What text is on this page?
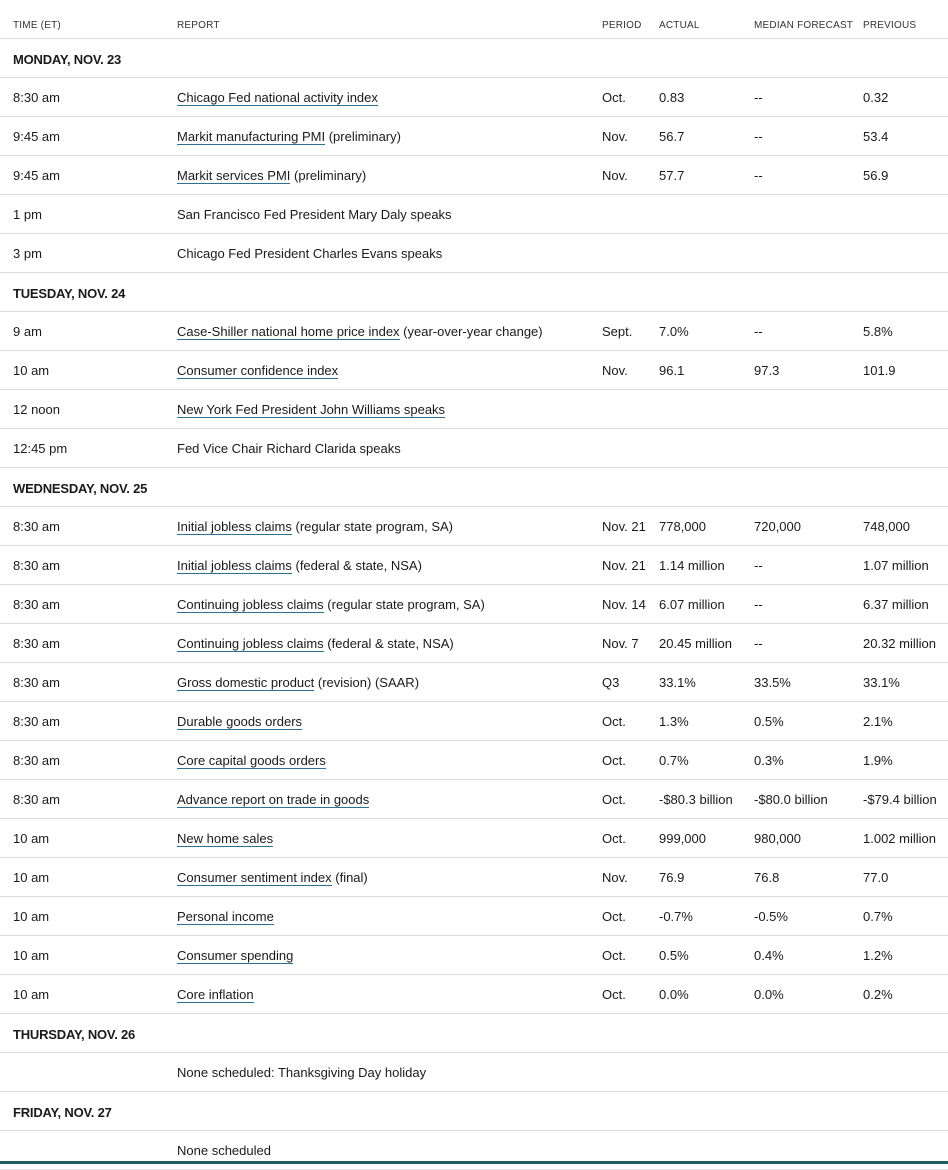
TIME (ET)	REPORT	PERIOD ACTUAL	MEDIAN FORECAST PREVIOUS
MONDAY, NOV. 23
8:30 am	Chicago Fed national activity index	Oct.	0.83	--	0.32
9:45 am	Markit manufacturing PMI (preliminary)	Nov. 56.7	--	53.4
9:45 am	Markit services PMI (preliminary)	Nov. 57.7	--	56.9
1 pm	San Francisco Fed President Mary Daly speaks
3 pm	Chicago Fed President Charles Evans speaks
TUESDAY, NOV. 24
9 am	Case-Shiller national home price index (year-over-year change)	Sept. 7.0%	--	5.8%
10 am	Consumer confidence index	Nov. 96.1	97.3	101.9
12 noon	New York Fed President John Williams speaks
12:45 pm	Fed Vice Chair Richard Clarida speaks
WEDNESDAY, NOV. 25
8:30 am	Initial jobless claims (regular state program, SA)	Nov. 21 778,000	720,000	748,000
8:30 am	Initial jobless claims (federal & state, NSA)	Nov. 21 1.14 million --	1.07 million
8:30 am	Continuing jobless claims (regular state program, SA)	Nov. 14 6.07 million --	6.37 million
8:30 am	Continuing jobless claims (federal & state, NSA)	Nov. 7 20.45 million --	20.32 million
8:30 am	Gross domestic product (revision) (SAAR)	Q3	33.1%	33.5%	33.1%
8:30 am	Durable goods orders	Oct.	1.3%	0.5%	2.1%
8:30 am	Core capital goods orders	Oct.	0.7%	0.3%	1.9%
8:30 am	Advance report on trade in goods	Oct.	-$80.3 billion -$80.0 billion	-$79.4 billion
10 am	New home sales	Oct.	999,000	980,000	1.002 million
10 am	Consumer sentiment index (final)	Nov. 76.9	76.8	77.0
10 am	Personal income	Oct.	-0.7%	-0.5%	0.7%
10 am	Consumer spending	Oct.	0.5%	0.4%	1.2%
10 am	Core inflation	Oct.	0.0%	0.0%	0.2%
THURSDAY, NOV. 26
None scheduled: Thanksgiving Day holiday
FRIDAY, NOV. 27
None scheduled
